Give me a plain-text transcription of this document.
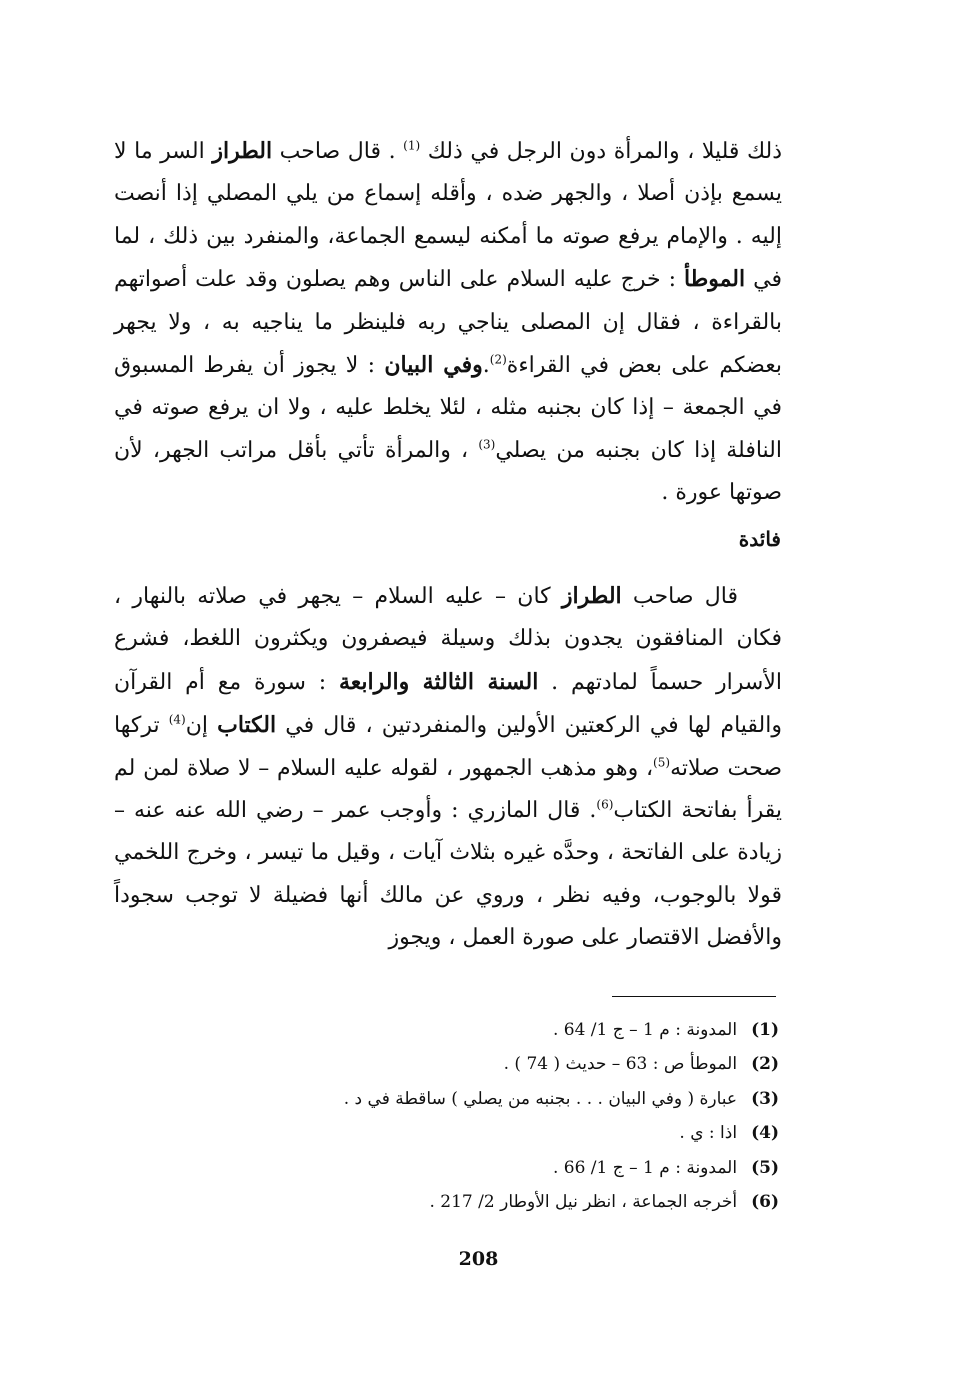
ذلك قليلا ، والمرأة دون الرجل في ذلك $^{(1)}$ . قال صاحب الطراز السر ما لا يسمع بإذن أصلا ، والجهر ضده ، وأقله إسماع من يلي المصلي إذا أنصت إليه . والإمام يرفع صوته ما أمكنه ليسمع الجماعة، والمنفرد بين ذلك ، لما في الموطأ : خرج عليه السلام على الناس وهم يصلون وقد علت أصواتهم بالقراءة ، فقال إن المصلى يناجي ربه فلينظر ما يناجيه به ، ولا يجهر بعضكم على بعض في القراءة$^{(2)}$.وفي البيان : لا يجوز أن يفرط المسبوق في الجمعة – إذا كان بجنبه مثله ، لئلا يخلط عليه ، ولا ان يرفع صوته في النافلة إذا كان بجنبه من يصلي$^{(3)}$ ، والمرأة تأتي بأقل مراتب الجهر، لأن صوتها عورة .

فائدة

قال صاحب الطراز كان – عليه السلام – يجهر في صلاته بالنهار ، فكان المنافقون يجدون بذلك وسيلة فيصفرون ويكثرون اللغط، فشرع الأسرار حسماً لمادتهم . السنة الثالثة والرابعة : سورة مع أم القرآن والقيام لها في الركعتين الأولين والمنفردتين ، قال في الكتاب إن$^{(4)}$ تركها صحت صلاته$^{(5)}$، وهو مذهب الجمهور ، لقوله عليه السلام – لا صلاة لمن لم يقرأ بفاتحة الكتاب$^{(6)}$. قال المازري : وأوجب عمر – رضي الله عنه عنه – زيادة على الفاتحة ، وحدَّه غيره بثلاث آيات ، وقيل ما تيسر ، وخرج اللخمي قولا بالوجوب، وفيه نظر ، وروي عن مالك أنها فضيلة لا توجب سجوداً والأفضل الاقتصار على صورة العمل ، ويجوز

(1)المدونة : م 1 – ج 1/ 64 .
(2)الموطأ ص : 63 – حديث ( 74 ) .
(3)عبارة ( وفي البيان . . . بجنبه من يصلي ) ساقطة في د .
(4)اذا : ي .
(5)المدونة : م 1 – ج 1/ 66 .
(6)أخرجه الجماعة ، انظر نيل الأوطار 2/ 217 .
208
